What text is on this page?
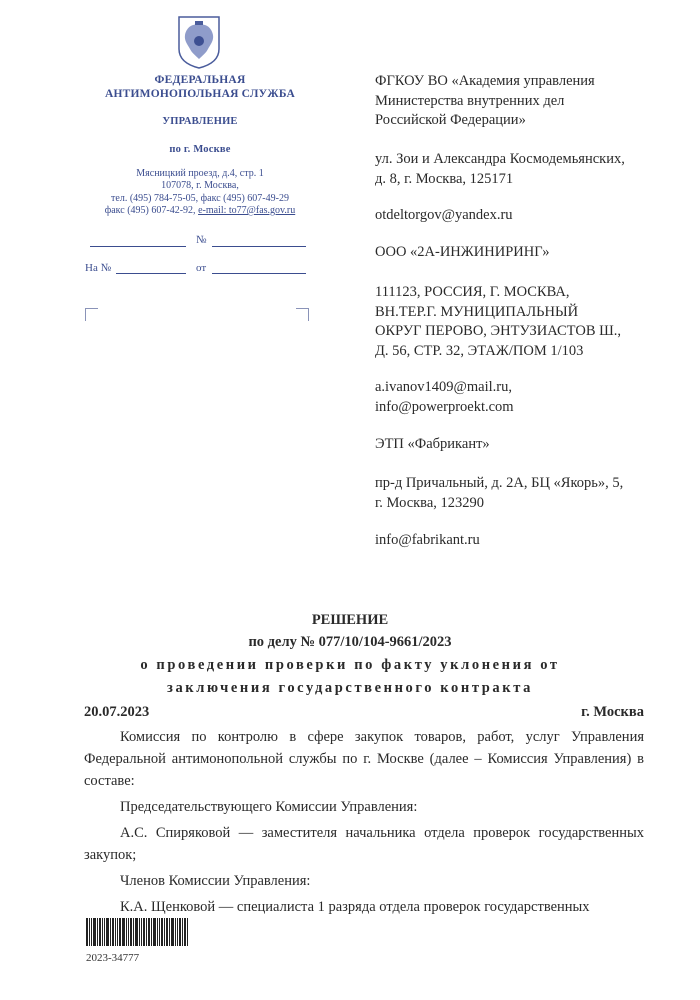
ФЕДЕРАЛЬНАЯ
АНТИМОНОПОЛЬНАЯ СЛУЖБА
УПРАВЛЕНИЕ
по г. Москве
Мясницкий проезд, д.4, стр. 1
107078, г. Москва,
тел. (495) 784-75-05, факс (495) 607-49-29
факс (495) 607-42-92, e-mail: to77@fas.gov.ru
№
На №	от

ФГКОУ ВО «Академия управления

Министерства внутренних дел

Российской Федерации»

ул. Зои и Александра Космодемьянских,

д. 8, г. Москва, 125171

otdeltorgov@yandex.ru

ООО «2А-ИНЖИНИРИНГ»

111123, РОССИЯ, Г. МОСКВА,

ВН.ТЕР.Г. МУНИЦИПАЛЬНЫЙ

ОКРУГ ПЕРОВО, ЭНТУЗИАСТОВ Ш.,

Д. 56, СТР. 32, ЭТАЖ/ПОМ 1/103

a.ivanov1409@mail.ru,

info@powerproekt.com

ЭТП «Фабрикант»

пр-д Причальный, д. 2А, БЦ «Якорь», 5,

г. Москва, 123290

info@fabrikant.ru

РЕШЕНИЕ
по делу № 077/10/104-9661/2023
о проведении проверки по факту уклонения от
заключения государственного контракта
20.07.2023	г. Москва

Комиссия по контролю в сфере закупок товаров, работ, услуг Управления Федеральной антимонопольной службы по г. Москве (далее – Комиссия Управления) в составе:

Председательствующего Комиссии Управления:

А.С. Спиряковой — заместителя начальника отдела проверок государственных закупок;

Членов Комиссии Управления:

К.А. Щенковой — специалиста 1 разряда отдела проверок государственных

2023-34777
